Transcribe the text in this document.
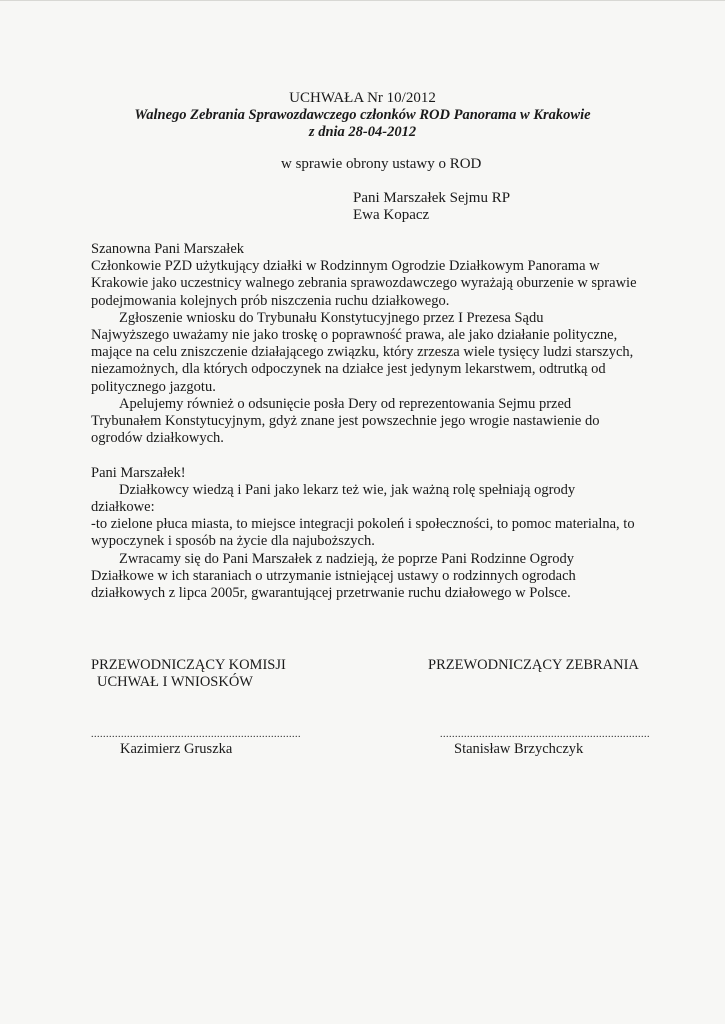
UCHWAŁA Nr 10/2012
Walnego Zebrania Sprawozdawczego członków ROD Panorama w Krakowie
z dnia 28-04-2012
w sprawie obrony ustawy o ROD
Pani Marszałek Sejmu RP
Ewa Kopacz

Szanowna Pani Marszałek

Członkowie PZD użytkujący działki w Rodzinnym Ogrodzie Działkowym Panorama w
Krakowie jako uczestnicy walnego zebrania sprawozdawczego wyrażają oburzenie w sprawie
podejmowania kolejnych prób niszczenia ruchu działkowego.

Zgłoszenie wniosku do Trybunału Konstytucyjnego przez I Prezesa Sądu
Najwyższego uważamy nie jako troskę o poprawność prawa, ale jako działanie polityczne,
mające na celu zniszczenie działającego związku, który zrzesza wiele tysięcy ludzi starszych,
niezamożnych, dla których odpoczynek na działce jest jedynym lekarstwem, odtrutką od
politycznego jazgotu.

Apelujemy również o odsunięcie posła Dery od reprezentowania Sejmu przed
Trybunałem Konstytucyjnym, gdyż znane jest powszechnie jego wrogie nastawienie do
ogrodów działkowych.

Pani Marszałek!

Działkowcy wiedzą i Pani jako lekarz też wie, jak ważną rolę spełniają ogrody
działkowe:

-to zielone płuca miasta, to miejsce integracji pokoleń i społeczności, to pomoc materialna, to
wypoczynek i sposób na życie dla najuboższych.

Zwracamy się do Pani Marszałek z nadzieją, że poprze Pani Rodzinne Ogrody
Działkowe w ich staraniach o utrzymanie istniejącej ustawy o rodzinnych ogrodach
działkowych z lipca 2005r, gwarantującej przetrwanie ruchu działowego w Polsce.

PRZEWODNICZĄCY KOMISJI
UCHWAŁ I WNIOSKÓW
PRZEWODNICZĄCY ZEBRANIA
......................................................................	......................................................................
Kazimierz Gruszka	Stanisław Brzychczyk
